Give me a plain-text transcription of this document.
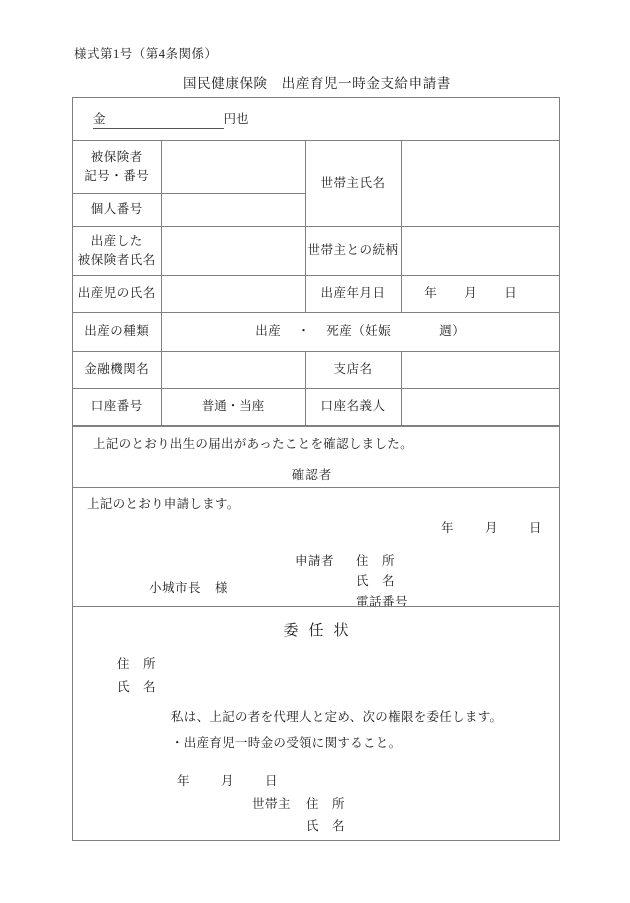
様式第1号（第4条関係）
国民健康保険　出産育児一時金支給申請書
金	円也
被保険者
記号・番号		世帯主氏名	
個人番号			
出産した
被保険者氏名		世帯主との続柄	
出産児の氏名		出産年月日	年 月 日
出産の種類	出産 ・ 死産（妊娠 週）		
金融機関名		支店名	
口座番号	普通・当座	口座名義人	
上記のとおり出生の届出があったことを確認しました。
確認者
上記のとおり申請します。
年	月	日
申請者 住　所
氏　名
電話番号
小城市長 様
委任状
住　所
氏　名
私は、上記の者を代理人と定め、次の権限を委任します。
・出産育児一時金の受領に関すること。
年	月	日
世帯主 住　所
氏　名
